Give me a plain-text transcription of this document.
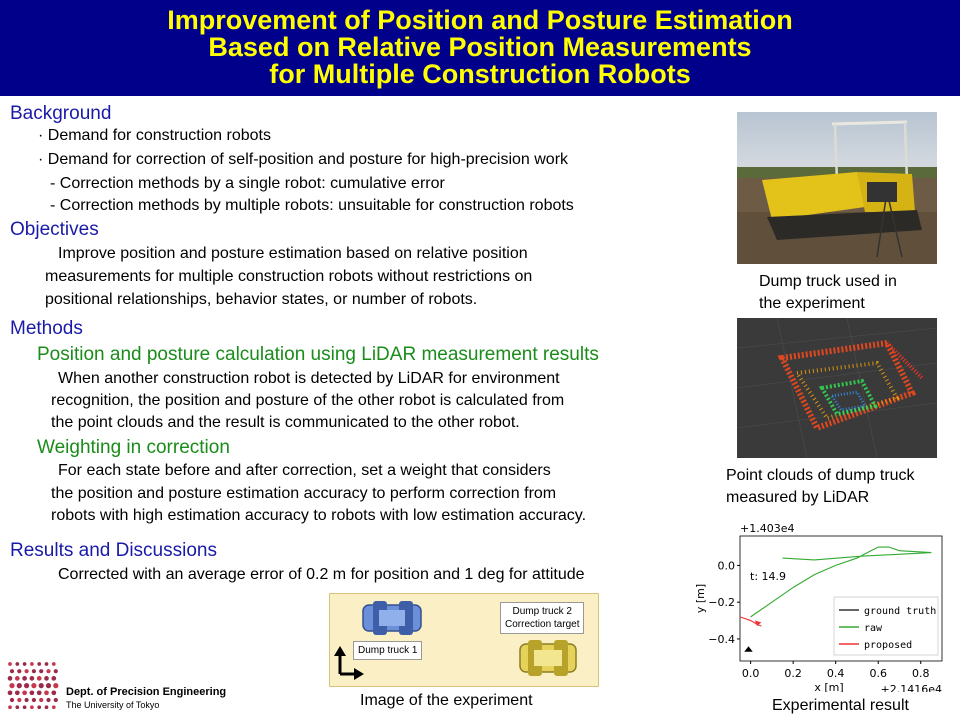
Improvement of Position and Posture Estimation
Based on Relative Position Measurements
for Multiple Construction Robots
Background
· Demand for construction robots
· Demand for correction of self-position and posture for high-precision work
- Correction methods by a single robot: cumulative error
- Correction methods by multiple robots: unsuitable for construction robots
Objectives
Improve position and posture estimation based on relative position
measurements for multiple construction robots without restrictions on
positional relationships, behavior states, or number of robots.
Methods
Position and posture calculation using LiDAR measurement results
When another construction robot is detected by LiDAR for environment
recognition, the position and posture of the other robot is calculated from
the point clouds and the result is communicated to the other robot.
Weighting in correction
For each state before and after correction, set a weight that considers
the position and posture estimation accuracy to perform correction from
robots with high estimation accuracy to robots with low estimation accuracy.
Results and Discussions
Corrected with an average error of 0.2 m for position and 1 deg for attitude
Dump truck used in
the experiment
Point clouds of dump truck
measured by LiDAR
+1.403e4
+2.1416e4
0.0 0.2 0.4 0.6 0.8
0.0
−0.2
−0.4
x [m]
y [m]
t: 14.9
ground truth
raw
proposed
Experimental result
Dump truck 1
Dump truck 2
Correction target
Image of the experiment
Dept. of Precision Engineering
The University of Tokyo
